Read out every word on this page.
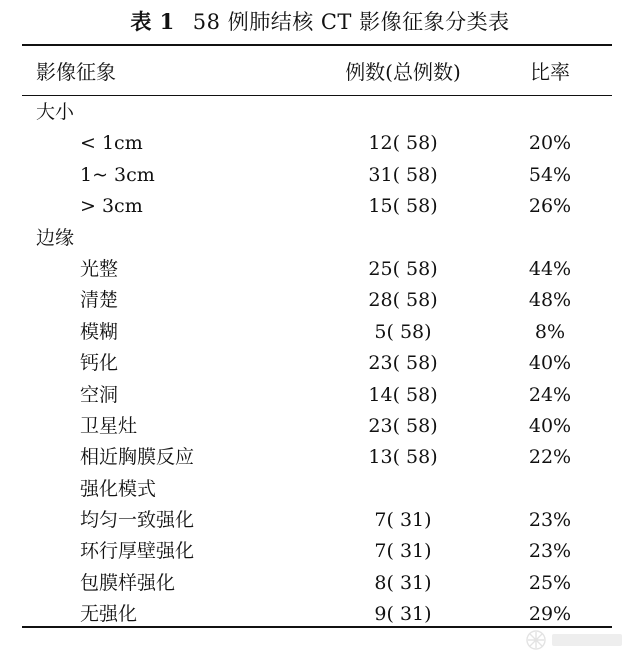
表 1 58 例肺结核 CT 影像征象分类表
影像征象	例数(总例数)	比率
大小
< 1cm	12( 58)	20%
1~ 3cm	31( 58)	54%
> 3cm	15( 58)	26%
边缘
光整	25( 58)	44%
清楚	28( 58)	48%
模糊	5( 58)	8%
钙化	23( 58)	40%
空洞	14( 58)	24%
卫星灶	23( 58)	40%
相近胸膜反应	13( 58)	22%
强化模式
均匀一致强化	7( 31)	23%
环行厚壁强化	7( 31)	23%
包膜样强化	8( 31)	25%
无强化	9( 31)	29%
